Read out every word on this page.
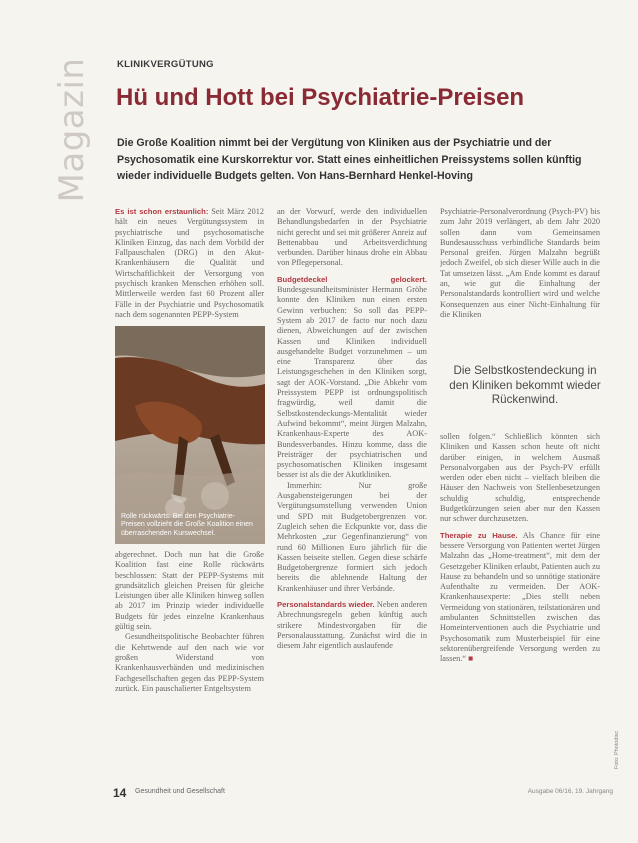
Magazin	KLINIKVERGÜTUNG
Hü und Hott bei Psychiatrie-Preisen
Die Große Koalition nimmt bei der Vergütung von Kliniken aus der Psychiatrie und der Psychosomatik eine Kurskorrektur vor. Statt eines einheitlichen Preissystems sollen künftig wieder individuelle Budgets gelten. Von Hans-Bernhard Henkel-Hoving

Es ist schon erstaunlich: Seit März 2012 hält ein neues Vergütungssystem in psychiatrische und psychosomatische Kliniken Einzug, das nach dem Vorbild der Fallpauschalen (DRG) in den Akut-Krankenhäusern die Qualität und Wirtschaftlichkeit der Versorgung von psychisch kranken Menschen erhöhen soll. Mittlerweile werden fast 60 Prozent aller Fälle in der Psychiatrie und Psychosomatik nach dem sogenannten PEPP-System

Rolle rückwärts: Bei den Psychiatrie-Preisen vollzieht die Große Koalition einen überraschenden Kurswechsel.

abgerechnet. Doch nun hat die Große Koalition fast eine Rolle rückwärts beschlossen: Statt der PEPP-Systems mit grundsätzlich gleichen Preisen für gleiche Leistungen über alle Kliniken hinweg sollen ab 2017 im Prinzip wieder individuelle Budgets für jedes einzelne Krankenhaus gültig sein.

Gesundheitspolitische Beobachter führen die Kehrtwende auf den nach wie vor großen Widerstand von Krankenhausverbänden und medizinischen Fachgesellschaften gegen das PEPP-System zurück. Ein pauschalierter Entgeltsystem

an der Vorwurf, werde den individuellen Behandlungsbedarfen in der Psychiatrie nicht gerecht und sei mit größerer Anreiz auf Bettenabbau und Arbeitsverdichtung verbunden. Darüber hinaus drohe ein Abbau von Pflegepersonal.

Budgetdeckel gelockert. Bundesgesundheitsminister Hermann Gröhe konnte den Kliniken nun einen ersten Gewinn verbuchen: So soll das PEPP-System ab 2017 de facto nur noch dazu dienen, Abweichungen auf der zwischen Kassen und Kliniken individuell ausgehandelte Budget vorzunehmen – um eine Transparenz über das Leistungsgeschehen in den Kliniken sorgt, sagt der AOK-Vorstand. „Die Abkehr vom Preissystem PEPP ist ordnungspolitisch fragwürdig, weil damit die Selbstkostendeckungs-Mentalität wieder Aufwind bekommt“, meint Jürgen Malzahn, Krankenhaus-Experte des AOK-Bundesverbandes. Hinzu komme, dass die Preisträger der psychiatrischen und psychosomatischen Kliniken insgesamt besser ist als die der Akutkliniken.

Immerhin: Nur große Ausgabensteigerungen bei der Vergütungsumstellung verwenden Union und SPD mit Budgetobergrenzen vor. Zugleich sehen die Eckpunkte vor, dass die Mehrkosten „zur Gegenfinanzierung“ von rund 60 Millionen Euro jährlich für die Kassen beiseite stellen. Gegen diese schärfe Budgetobergrenze formiert sich jedoch bereits die ablehnende Haltung der Krankenhäuser und ihrer Verbände.

Personalstandards wieder. Neben anderen Abrechnungsregeln geben künftig auch strikere Mindestvorgaben für die Personalausstattung. Zunächst wird die in diesem Jahr eigentlich auslaufende

Psychiatrie-Personalverordnung (Psych-PV) bis zum Jahr 2019 verlängert, ab dem Jahr 2020 sollen dann vom Gemeinsamen Bundesausschuss verbindliche Standards beim Personal greifen. Jürgen Malzahn begrüßt jedoch Zweifel, ob sich dieser Wille auch in die Tat umsetzen lässt. „Am Ende kommt es darauf an, wie gut die Einhaltung der Personalstandards kontrolliert wird und welche Konsequenzen aus einer Nicht-Einhaltung für die Kliniken

Die Selbstkostendeckung in den Kliniken bekommt wieder Rückenwind.

sollen folgen.“ Schließlich könnten sich Kliniken und Kassen schon heute oft nicht darüber einigen, in welchem Ausmaß Personalvorgaben aus der Psych-PV erfüllt werden oder eben nicht – vielfach bleiben die Häuser den Nachweis von Stellenbesetzungen schuldig schuldig, entsprechende Budgetkürzungen seien aber nur den Kassen nur schwer durchzusetzen.

Therapie zu Hause. Als Chance für eine bessere Versorgung von Patienten wertet Jürgen Malzahn das „Home-treatment“, mit dem der Gesetzgeber Kliniken erlaubt, Patienten auch zu Hause zu behandeln und so unnötige stationäre Aufenthalte zu vermeiden. Der AOK-Krankenhausexperte: „Dies stellt neben Vermeidung von stationären, teilstationären und ambulanten Schnittstellen zwischen das Homeinterventionen auch die Psychiatrie und Psychosomatik zum Musterbeispiel für eine sektorenübergreifende Versorgung werden zu lassen.“ ■

Foto: Photodisc
14 Gesundheit und Gesellschaft	Ausgabe 06/16, 19. Jahrgang
